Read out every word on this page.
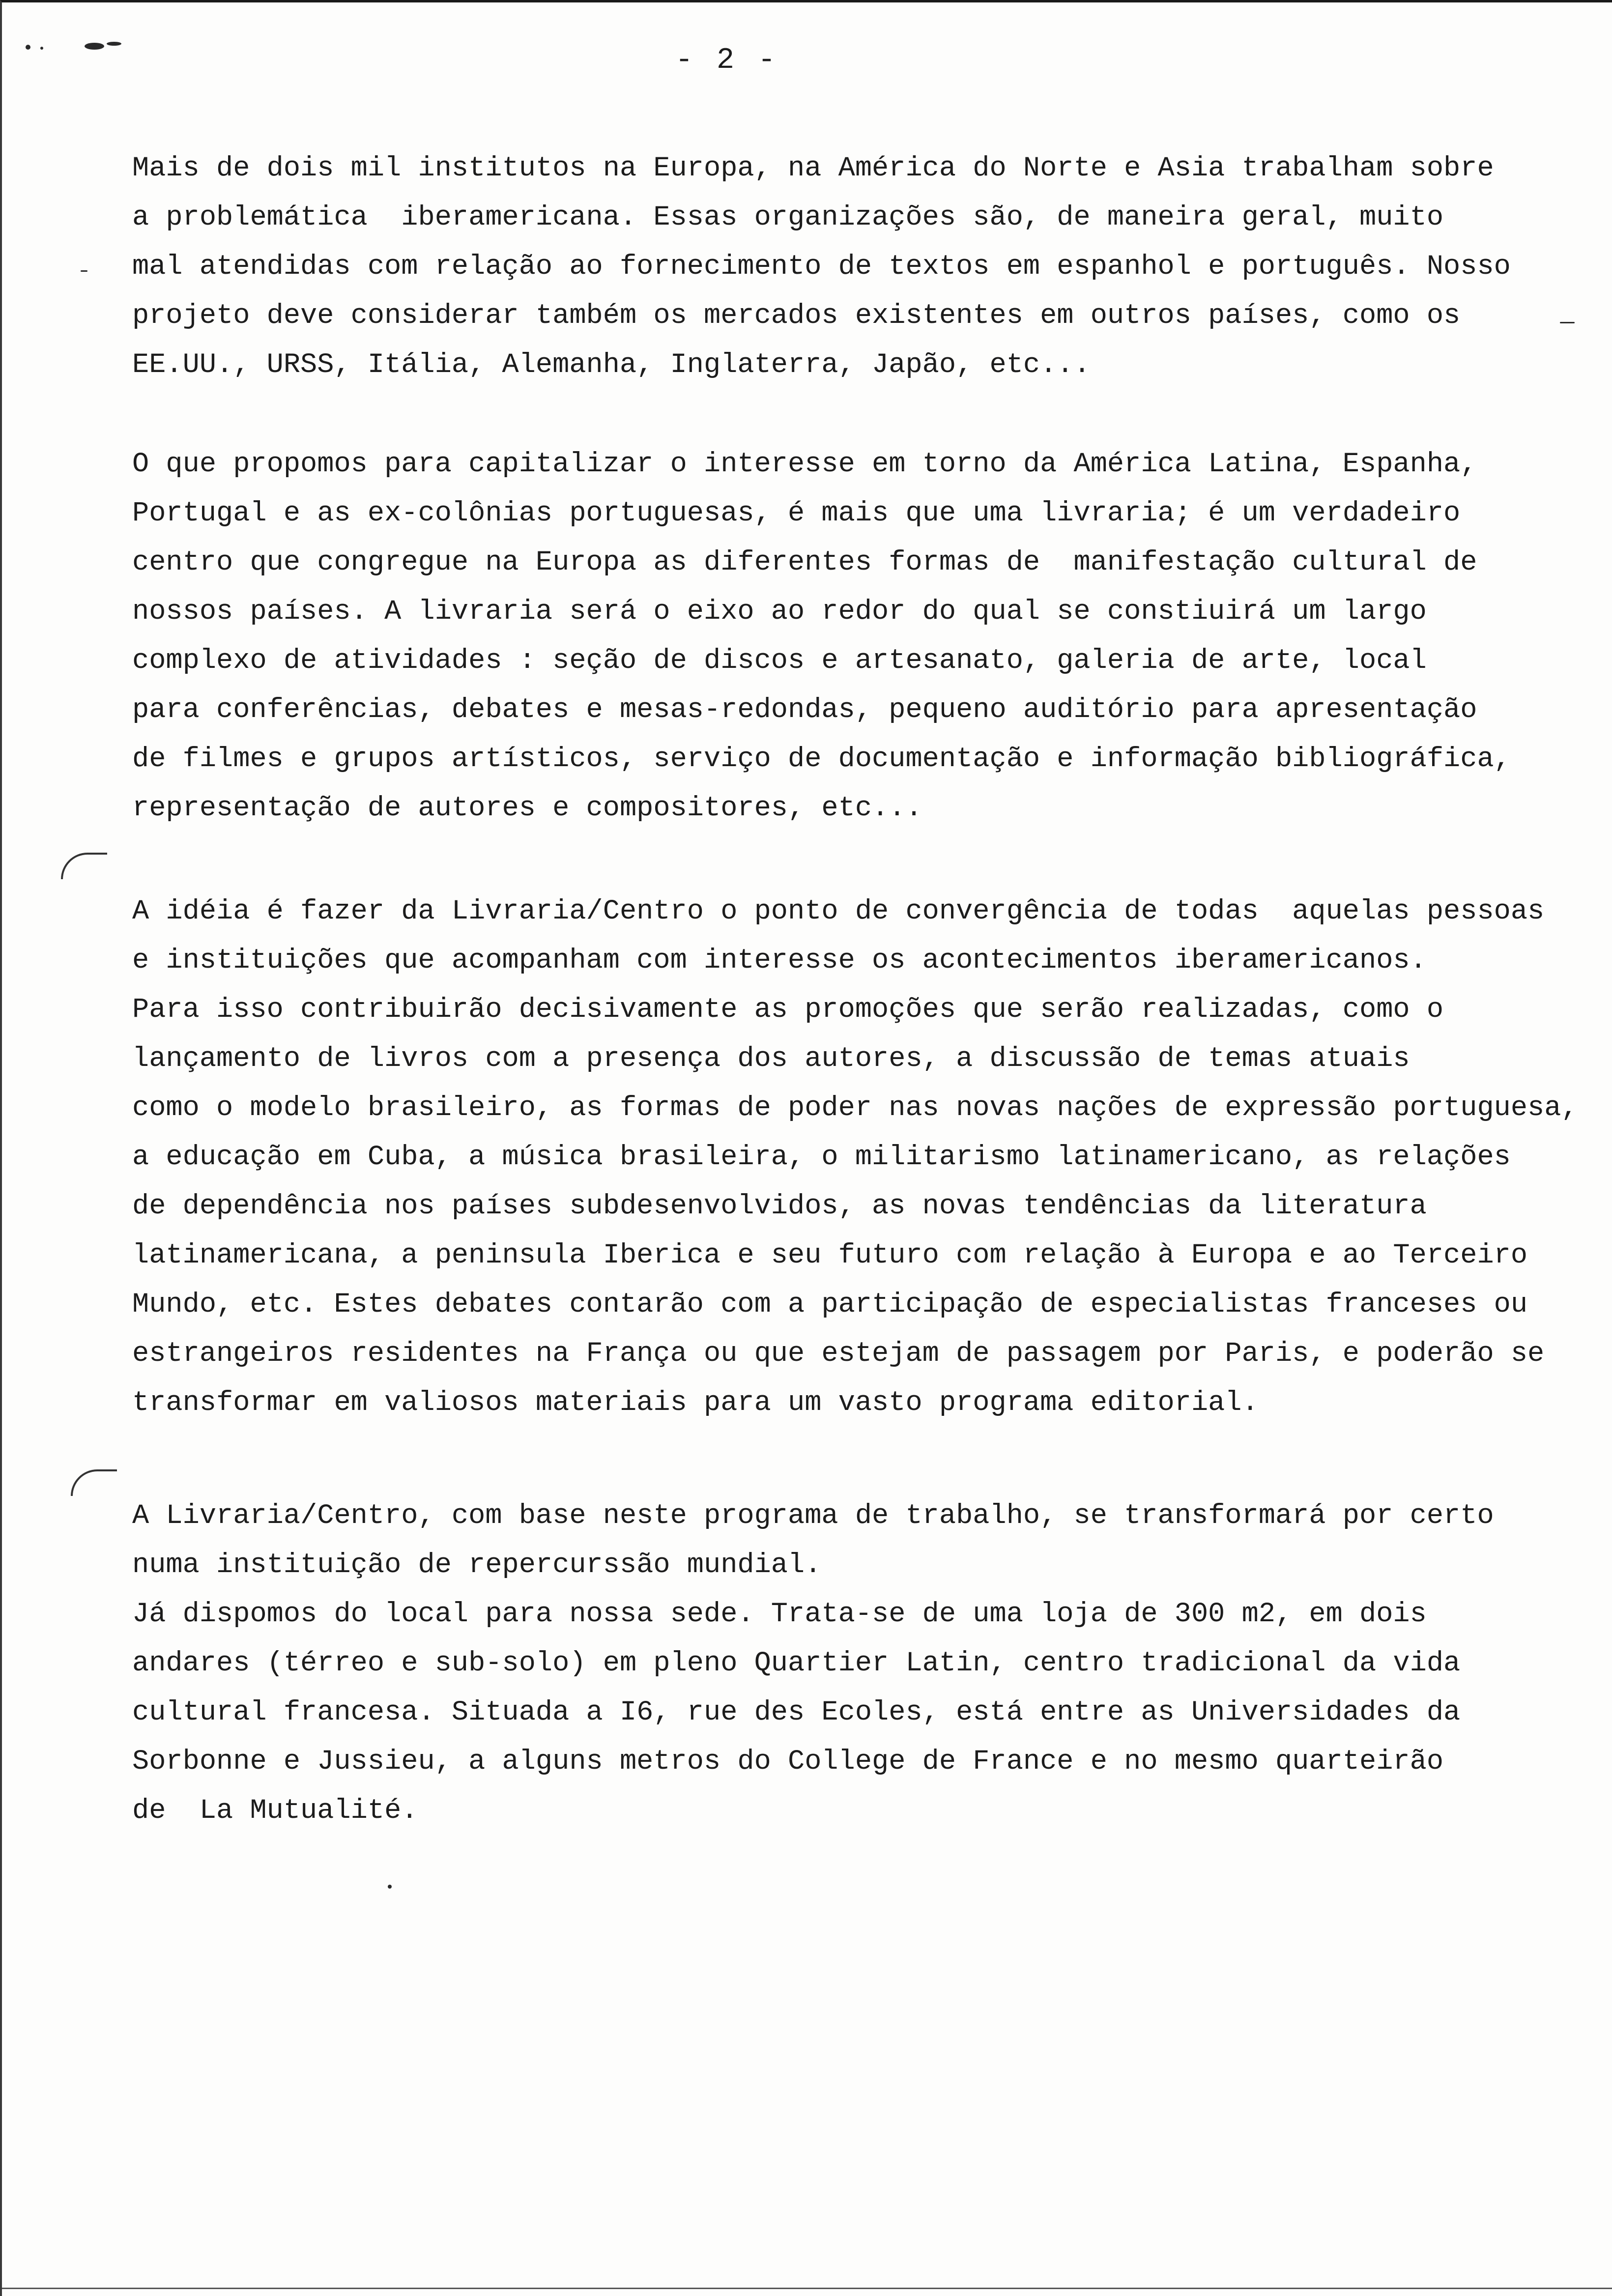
- 2 -
Mais de dois mil institutos na Europa, na América do Norte e Asia trabalham sobre
a problemática  iberamericana. Essas organizações são, de maneira geral, muito
mal atendidas com relação ao fornecimento de textos em espanhol e português. Nosso
projeto deve considerar também os mercados existentes em outros países, como os
EE.UU., URSS, Itália, Alemanha, Inglaterra, Japão, etc...
O que propomos para capitalizar o interesse em torno da América Latina, Espanha,
Portugal e as ex-colônias portuguesas, é mais que uma livraria; é um verdadeiro
centro que congregue na Europa as diferentes formas de  manifestação cultural de
nossos países. A livraria será o eixo ao redor do qual se constiuirá um largo
complexo de atividades : seção de discos e artesanato, galeria de arte, local
para conferências, debates e mesas-redondas, pequeno auditório para apresentação
de filmes e grupos artísticos, serviço de documentação e informação bibliográfica,
representação de autores e compositores, etc...
A idéia é fazer da Livraria/Centro o ponto de convergência de todas  aquelas pessoas
e instituições que acompanham com interesse os acontecimentos iberamericanos.
Para isso contribuirão decisivamente as promoções que serão realizadas, como o
lançamento de livros com a presença dos autores, a discussão de temas atuais
como o modelo brasileiro, as formas de poder nas novas nações de expressão portuguesa,
a educação em Cuba, a música brasileira, o militarismo latinamericano, as relações
de dependência nos países subdesenvolvidos, as novas tendências da literatura
latinamericana, a peninsula Iberica e seu futuro com relação à Europa e ao Terceiro
Mundo, etc. Estes debates contarão com a participação de especialistas franceses ou
estrangeiros residentes na França ou que estejam de passagem por Paris, e poderão se
transformar em valiosos materiais para um vasto programa editorial.
A Livraria/Centro, com base neste programa de trabalho, se transformará por certo
numa instituição de repercurssão mundial.
Já dispomos do local para nossa sede. Trata-se de uma loja de 300 m2, em dois
andares (térreo e sub-solo) em pleno Quartier Latin, centro tradicional da vida
cultural francesa. Situada a I6, rue des Ecoles, está entre as Universidades da
Sorbonne e Jussieu, a alguns metros do College de France e no mesmo quarteirão
de  La Mutualité.
